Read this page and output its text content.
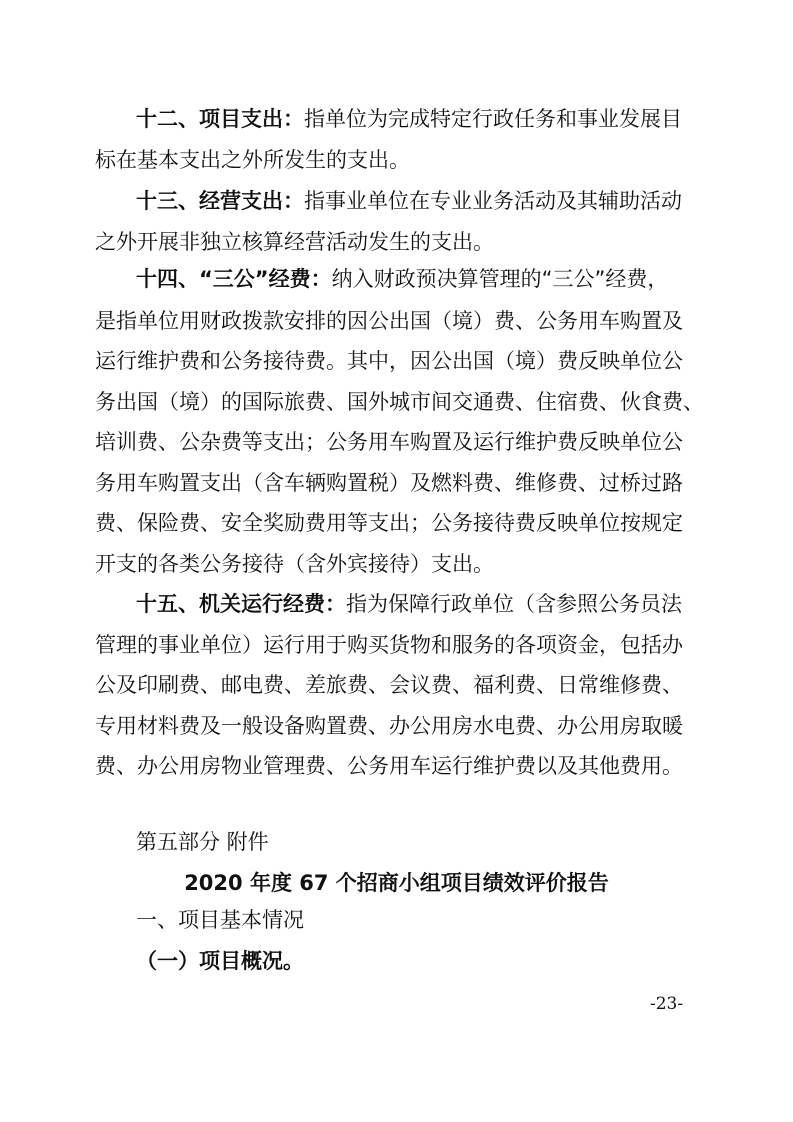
十二、项目支出：指单位为完成特定行政任务和事业发展目
标在基本支出之外所发生的支出。
十三、经营支出：指事业单位在专业业务活动及其辅助活动
之外开展非独立核算经营活动发生的支出。
十四、“三公”经费：纳入财政预决算管理的“三公”经费，
是指单位用财政拨款安排的因公出国（境）费、公务用车购置及
运行维护费和公务接待费。其中，因公出国（境）费反映单位公
务出国（境）的国际旅费、国外城市间交通费、住宿费、伙食费、
培训费、公杂费等支出；公务用车购置及运行维护费反映单位公
务用车购置支出（含车辆购置税）及燃料费、维修费、过桥过路
费、保险费、安全奖励费用等支出；公务接待费反映单位按规定
开支的各类公务接待（含外宾接待）支出。
十五、机关运行经费：指为保障行政单位（含参照公务员法
管理的事业单位）运行用于购买货物和服务的各项资金，包括办
公及印刷费、邮电费、差旅费、会议费、福利费、日常维修费、
专用材料费及一般设备购置费、办公用房水电费、办公用房取暖
费、办公用房物业管理费、公务用车运行维护费以及其他费用。
第五部分 附件
2020 年度 67 个招商小组项目绩效评价报告
一、项目基本情况
（一）项目概况。
-23-
